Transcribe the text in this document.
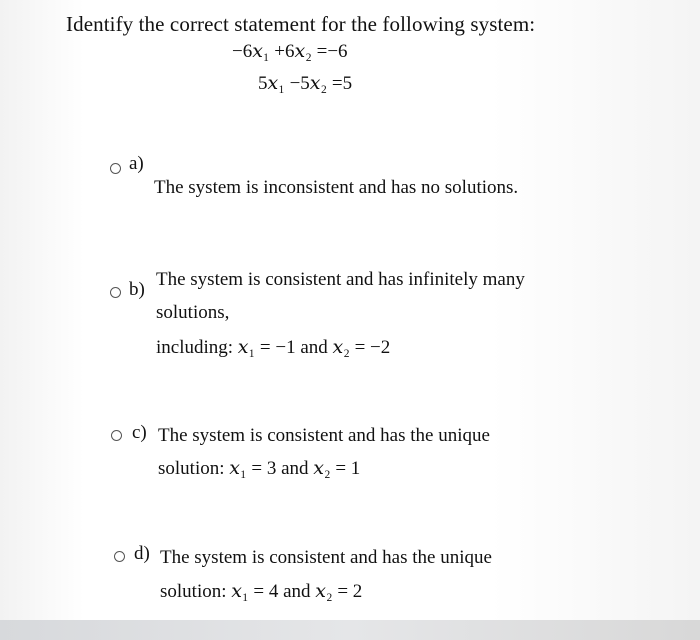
Identify the correct statement for the following system:
−6𝑥₁ +6𝑥₂ =−6
5𝑥₁ −5𝑥₂ =5
a)
The system is inconsistent and has no solutions.
b) The system is consistent and has infinitely many
solutions,
including: 𝑥₁ = −1 and 𝑥₂ = −2
c) The system is consistent and has the unique
solution: 𝑥₁ = 3 and 𝑥₂ = 1
d) The system is consistent and has the unique
solution: 𝑥₁ = 4 and 𝑥₂ = 2
